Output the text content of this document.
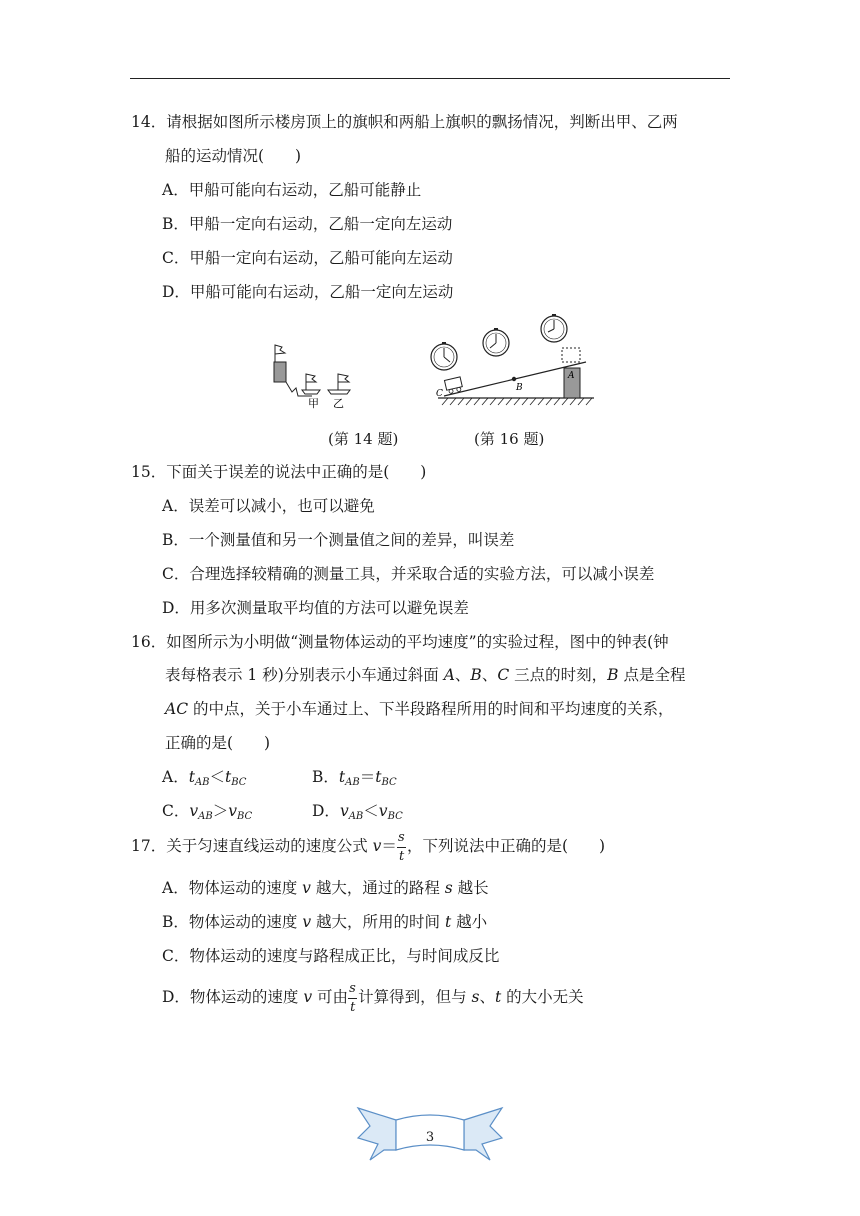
14．请根据如图所示楼房顶上的旗帜和两船上旗帜的飘扬情况，判断出甲、乙两
船的运动情况(　　)
A．甲船可能向右运动，乙船可能静止
B．甲船一定向右运动，乙船一定向左运动
C．甲船一定向右运动，乙船可能向左运动
D．甲船可能向右运动，乙船一定向左运动
甲 乙
B
C
A
(第 14 题)	(第 16 题)
15．下面关于误差的说法中正确的是(　　)
A．误差可以减小，也可以避免
B．一个测量值和另一个测量值之间的差异，叫误差
C．合理选择较精确的测量工具，并采取合适的实验方法，可以减小误差
D．用多次测量取平均值的方法可以避免误差
16．如图所示为小明做“测量物体运动的平均速度”的实验过程，图中的钟表(钟
表每格表示 1 秒)分别表示小车通过斜面 A、B、C 三点的时刻，B 点是全程
AC 的中点，关于小车通过上、下半段路程所用的时间和平均速度的关系，
正确的是(　　)
A．$t_{AB}<t_{BC}$	B．$t_{AB}=t_{BC}$
C．$v_{AB}>v_{BC}$	D．$v_{AB}<v_{BC}$
17．关于匀速直线运动的速度公式 $v= \frac{s}{t}$ ，下列说法中正确的是(　　)
A．物体运动的速度 v 越大，通过的路程 s 越长
B．物体运动的速度 v 越大，所用的时间 t 越小
C．物体运动的速度与路程成正比，与时间成反比
D．物体运动的速度 v 可由 $\frac{s}{t}$ 计算得到，但与 s、t 的大小无关
3
